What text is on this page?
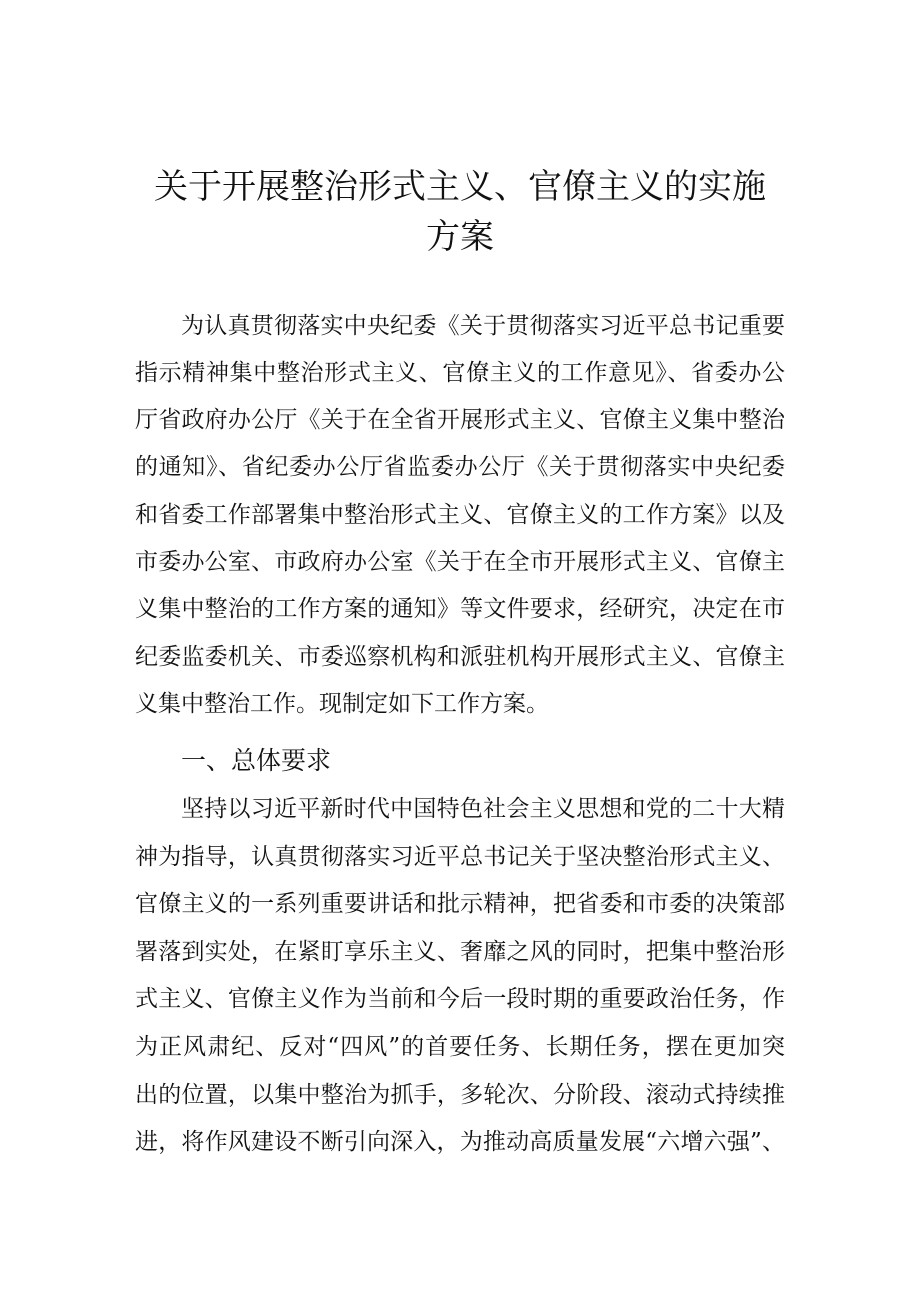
关于开展整治形式主义、官僚主义的实施
方案
为认真贯彻落实中央纪委《关于贯彻落实习近平总书记重要
指示精神集中整治形式主义、官僚主义的工作意见》、省委办公
厅省政府办公厅《关于在全省开展形式主义、官僚主义集中整治
的通知》、省纪委办公厅省监委办公厅《关于贯彻落实中央纪委
和省委工作部署集中整治形式主义、官僚主义的工作方案》以及
市委办公室、市政府办公室《关于在全市开展形式主义、官僚主
义集中整治的工作方案的通知》等文件要求，经研究，决定在市
纪委监委机关、市委巡察机构和派驻机构开展形式主义、官僚主
义集中整治工作。现制定如下工作方案。
一、总体要求
坚持以习近平新时代中国特色社会主义思想和党的二十大精
神为指导，认真贯彻落实习近平总书记关于坚决整治形式主义、
官僚主义的一系列重要讲话和批示精神，把省委和市委的决策部
署落到实处，在紧盯享乐主义、奢靡之风的同时，把集中整治形
式主义、官僚主义作为当前和今后一段时期的重要政治任务，作
为正风肃纪、反对“四风”的首要任务、长期任务，摆在更加突
出的位置，以集中整治为抓手，多轮次、分阶段、滚动式持续推
进，将作风建设不断引向深入，为推动高质量发展“六增六强”、
